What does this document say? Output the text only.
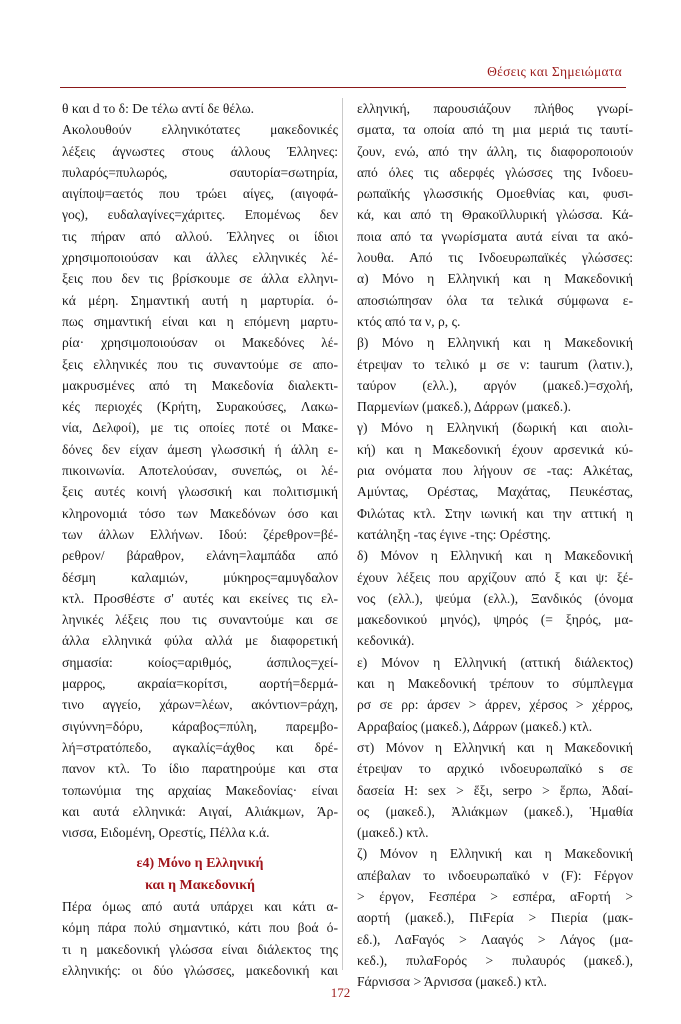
Θέσεις και Σημειώματα
θ και d το δ: De τέλω αντί δε θέλω.
Ακολουθούν ελληνικότατες μακεδονικές
λέξεις άγνωστες στους άλλους Έλληνες:
πυλαρός=πυλωρός, σαυτορία=σωτηρία,
αιγίποψ=αετός που τρώει αίγες, (αιγοφά-
γος), ευδαλαγίνες=χάριτες. Επομένως δεν
τις πήραν από αλλού. Έλληνες οι ίδιοι
χρησιμοποιούσαν και άλλες ελληνικές λέ-
ξεις που δεν τις βρίσκουμε σε άλλα ελληνι-
κά μέρη. Σημαντική αυτή η μαρτυρία. ό-
πως σημαντική είναι και η επόμενη μαρτυ-
ρία· χρησιμοποιούσαν οι Μακεδόνες λέ-
ξεις ελληνικές που τις συναντούμε σε απο-
μακρυσμένες από τη Μακεδονία διαλεκτι-
κές περιοχές (Κρήτη, Συρακούσες, Λακω-
νία, Δελφοί), με τις οποίες ποτέ οι Μακε-
δόνες δεν είχαν άμεση γλωσσική ή άλλη ε-
πικοινωνία. Αποτελούσαν, συνεπώς, οι λέ-
ξεις αυτές κοινή γλωσσική και πολιτισμική
κληρονομιά τόσο των Μακεδόνων όσο και
των άλλων Ελλήνων. Ιδού: ζέρεθρον=βέ-
ρεθρον/ βάραθρον, ελάνη=λαμπάδα από
δέσμη καλαμιών, μύκηρος=αμυγδαλον
κτλ. Προσθέστε σ' αυτές και εκείνες τις ελ-
ληνικές λέξεις που τις συναντούμε και σε
άλλα ελληνικά φύλα αλλά με διαφορετική
σημασία: κοίος=αριθμός, άσπιλος=χεί-
μαρρος, ακραία=κορίτσι, αορτή=δερμά-
τινο αγγείο, χάρων=λέων, ακόντιον=ράχη,
σιγύννη=δόρυ, κάραβος=πύλη, παρεμβο-
λή=στρατόπεδο, αγκαλίς=άχθος και δρέ-
πανον κτλ. Το ίδιο παρατηρούμε και στα
τοπωνύμια της αρχαίας Μακεδονίας· είναι
και αυτά ελληνικά: Αιγαί, Αλιάκμων, Άρ-
νισσα, Ειδομένη, Ορεστίς, Πέλλα κ.ά.
ε4) Μόνο η Ελληνική
και η Μακεδονική
Πέρα όμως από αυτά υπάρχει και κάτι α-
κόμη πάρα πολύ σημαντικό, κάτι που βοά ό-
τι η μακεδονική γλώσσα είναι διάλεκτος της
ελληνικής: οι δύο γλώσσες, μακεδονική και
ελληνική, παρουσιάζουν πλήθος γνωρί-
σματα, τα οποία από τη μια μεριά τις ταυτί-
ζουν, ενώ, από την άλλη, τις διαφοροποιούν
από όλες τις αδερφές γλώσσες της Ινδοευ-
ρωπαϊκής γλωσσικής Ομοεθνίας και, φυσι-
κά, και από τη Θρακοϊλλυρική γλώσσα. Κά-
ποια από τα γνωρίσματα αυτά είναι τα ακό-
λουθα. Από τις Ινδοευρωπαϊκές γλώσσες:
α) Μόνο η Ελληνική και η Μακεδονική
αποσιώπησαν όλα τα τελικά σύμφωνα ε-
κτός από τα ν, ρ, ς.
β) Μόνο η Ελληνική και η Μακεδονική
έτρεψαν το τελικό μ σε ν: taurum (λατιν.),
ταύρον (ελλ.), αργόν (μακεδ.)=σχολή,
Παρμενίων (μακεδ.), Δάρρων (μακεδ.).
γ) Μόνο η Ελληνική (δωρική και αιολι-
κή) και η Μακεδονική έχουν αρσενικά κύ-
ρια ονόματα που λήγουν σε -τας: Αλκέτας,
Αμύντας, Ορέστας, Μαχάτας, Πευκέστας,
Φιλώτας κτλ. Στην ιωνική και την αττική η
κατάληξη -τας έγινε -της: Ορέστης.
δ) Μόνον η Ελληνική και η Μακεδονική
έχουν λέξεις που αρχίζουν από ξ και ψ: ξέ-
νος (ελλ.), ψεύμα (ελλ.), Ξανδικός (όνομα
μακεδονικού μηνός), ψηρός (= ξηρός, μα-
κεδονικά).
ε) Μόνον η Ελληνική (αττική διάλεκτος)
και η Μακεδονική τρέπουν το σύμπλεγμα
ρσ σε ρρ: άρσεν > άρρεν, χέρσος > χέρρος,
Αρραβαίος (μακεδ.), Δάρρων (μακεδ.) κτλ.
στ) Μόνον η Ελληνική και η Μακεδονική
έτρεψαν το αρχικό ινδοευρωπαϊκό s σε
δασεία Η: sex > ἕξι, serpo > ἕρπω, Ἀδαί-
ος (μακεδ.), Ἀλιάκμων (μακεδ.), Ἡμαθία
(μακεδ.) κτλ.
ζ) Μόνον η Ελληνική και η Μακεδονική
απέβαλαν το ινδοευρωπαϊκό ν (F): Fέργον
> έργον, Fεσπέρα > εσπέρα, αFορτή >
αορτή (μακεδ.), ΠιFερία > Πιερία (μακ-
εδ.), ΛαFαγός > Λααγός > Λάγος (μα-
κεδ.), πυλαFορός > πυλαυρός (μακεδ.),
Fάρνισσα > Άρνισσα (μακεδ.) κτλ.
172
